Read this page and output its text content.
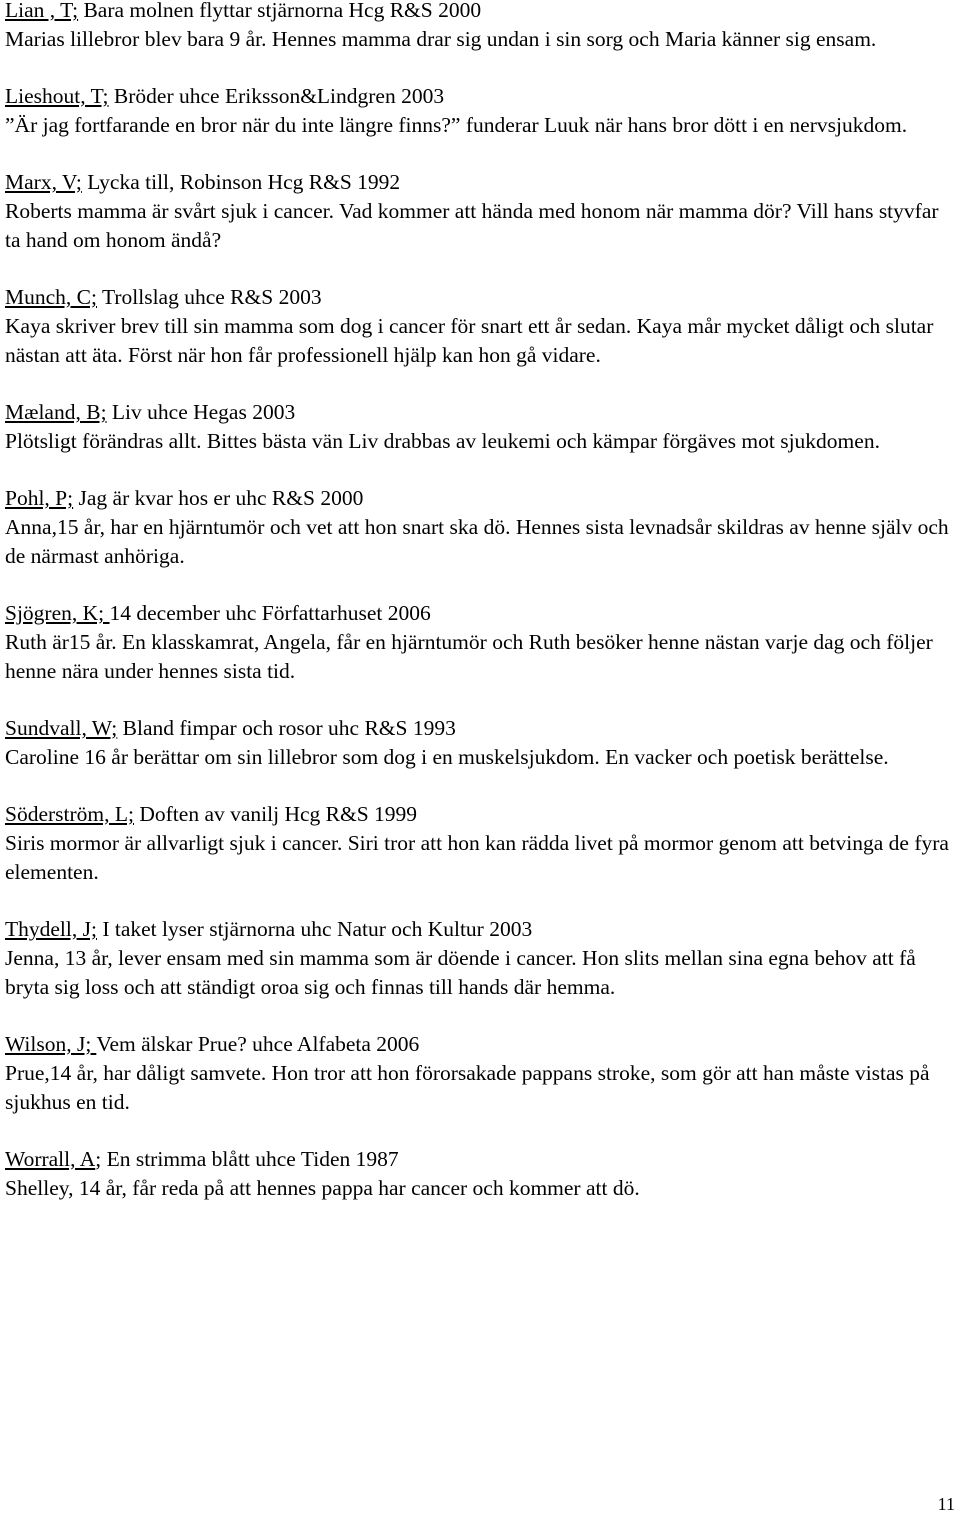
Lian , T; Bara molnen flyttar stjärnorna Hcg R&S 2000
Marias lillebror blev bara 9 år. Hennes mamma drar sig undan i sin sorg och Maria känner sig ensam.
Lieshout, T; Bröder uhce Eriksson&Lindgren 2003
”Är jag fortfarande en bror när du inte längre finns?” funderar Luuk när hans bror dött i en nervsjukdom.
Marx, V; Lycka till, Robinson Hcg R&S 1992
Roberts mamma är svårt sjuk i cancer. Vad kommer att hända med honom när mamma dör? Vill hans styvfar ta hand om honom ändå?
Munch, C; Trollslag uhce R&S 2003
Kaya skriver brev till sin mamma som dog i cancer för snart ett år sedan. Kaya mår mycket dåligt och slutar nästan att äta. Först när hon får professionell hjälp kan hon gå vidare.
Mæland, B; Liv uhce Hegas 2003
Plötsligt förändras allt. Bittes bästa vän Liv drabbas av leukemi och kämpar förgäves mot sjukdomen.
Pohl, P; Jag är kvar hos er uhc R&S 2000
Anna,15 år, har en hjärntumör och vet att hon snart ska dö. Hennes sista levnadsår skildras av henne själv och de närmast anhöriga.
Sjögren, K; 14 december uhc Författarhuset 2006
Ruth är15 år. En klasskamrat, Angela, får en hjärntumör och Ruth besöker henne nästan varje dag och följer henne nära under hennes sista tid.
Sundvall, W; Bland fimpar och rosor uhc R&S 1993
Caroline 16 år berättar om sin lillebror som dog i en muskelsjukdom. En vacker och poetisk berättelse.
Söderström, L; Doften av vanilj Hcg R&S 1999
Siris mormor är allvarligt sjuk i cancer. Siri tror att hon kan rädda livet på mormor genom att betvinga de fyra elementen.
Thydell, J; I taket lyser stjärnorna uhc Natur och Kultur 2003
Jenna, 13 år, lever ensam med sin mamma som är döende i cancer. Hon slits mellan sina egna behov att få bryta sig loss och att ständigt oroa sig och finnas till hands där hemma.
Wilson, J; Vem älskar Prue? uhce Alfabeta 2006
Prue,14 år, har dåligt samvete. Hon tror att hon förorsakade pappans stroke, som gör att han måste vistas på sjukhus en tid.
Worrall, A; En strimma blått uhce Tiden 1987
Shelley, 14 år, får reda på att hennes pappa har cancer och kommer att dö.
11
